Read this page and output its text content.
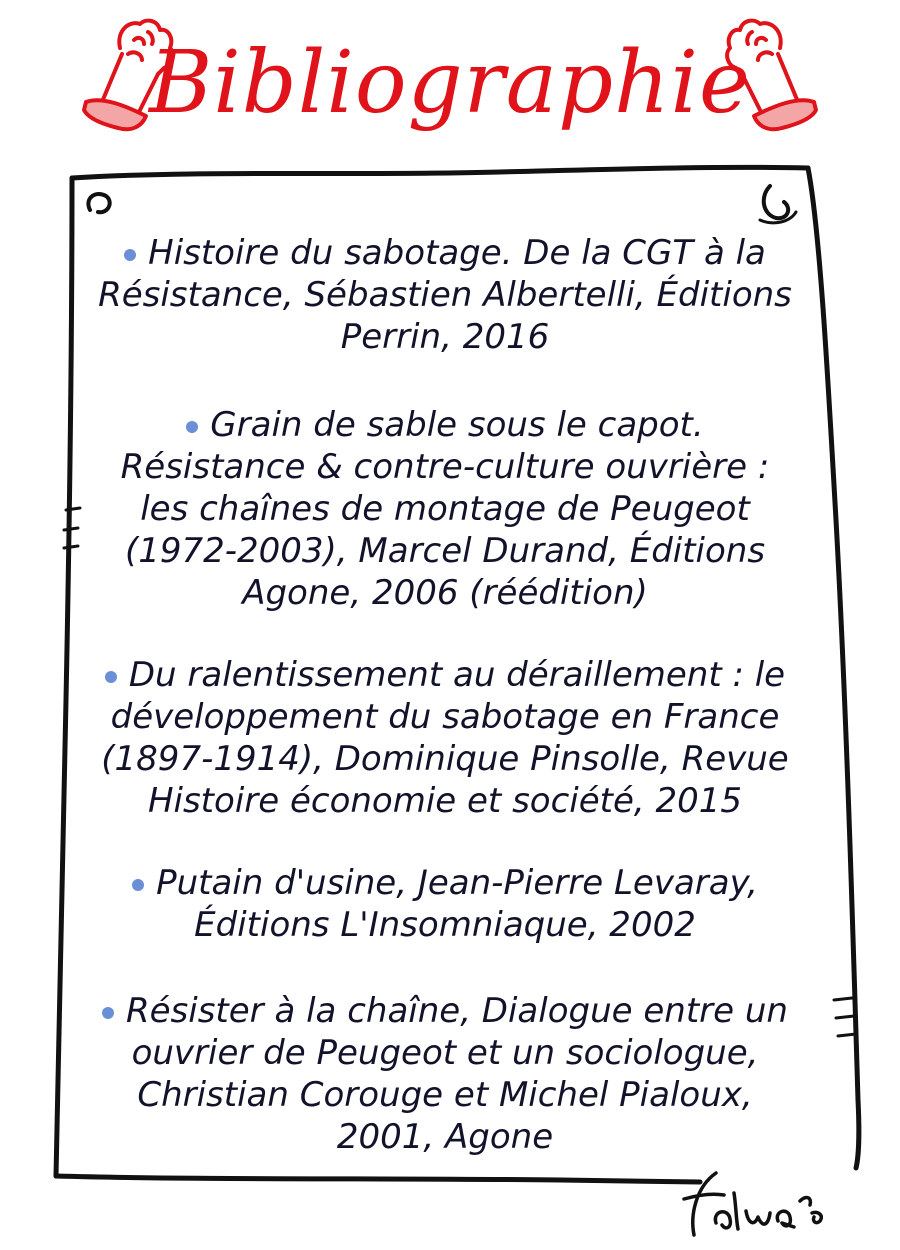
Bibliographie
Histoire du sabotage. De la CGT à la Résistance, Sébastien Albertelli, Éditions Perrin, 2016
Grain de sable sous le capot. Résistance & contre-culture ouvrière : les chaînes de montage de Peugeot (1972-2003), Marcel Durand, Éditions Agone, 2006 (réédition)
Du ralentissement au déraillement : le développement du sabotage en France (1897-1914), Dominique Pinsolle, Revue Histoire économie et société, 2015
Putain d'usine, Jean-Pierre Levaray, Éditions L'Insomniaque, 2002
Résister à la chaîne, Dialogue entre un ouvrier de Peugeot et un sociologue, Christian Corouge et Michel Pialoux, 2001, Agone
